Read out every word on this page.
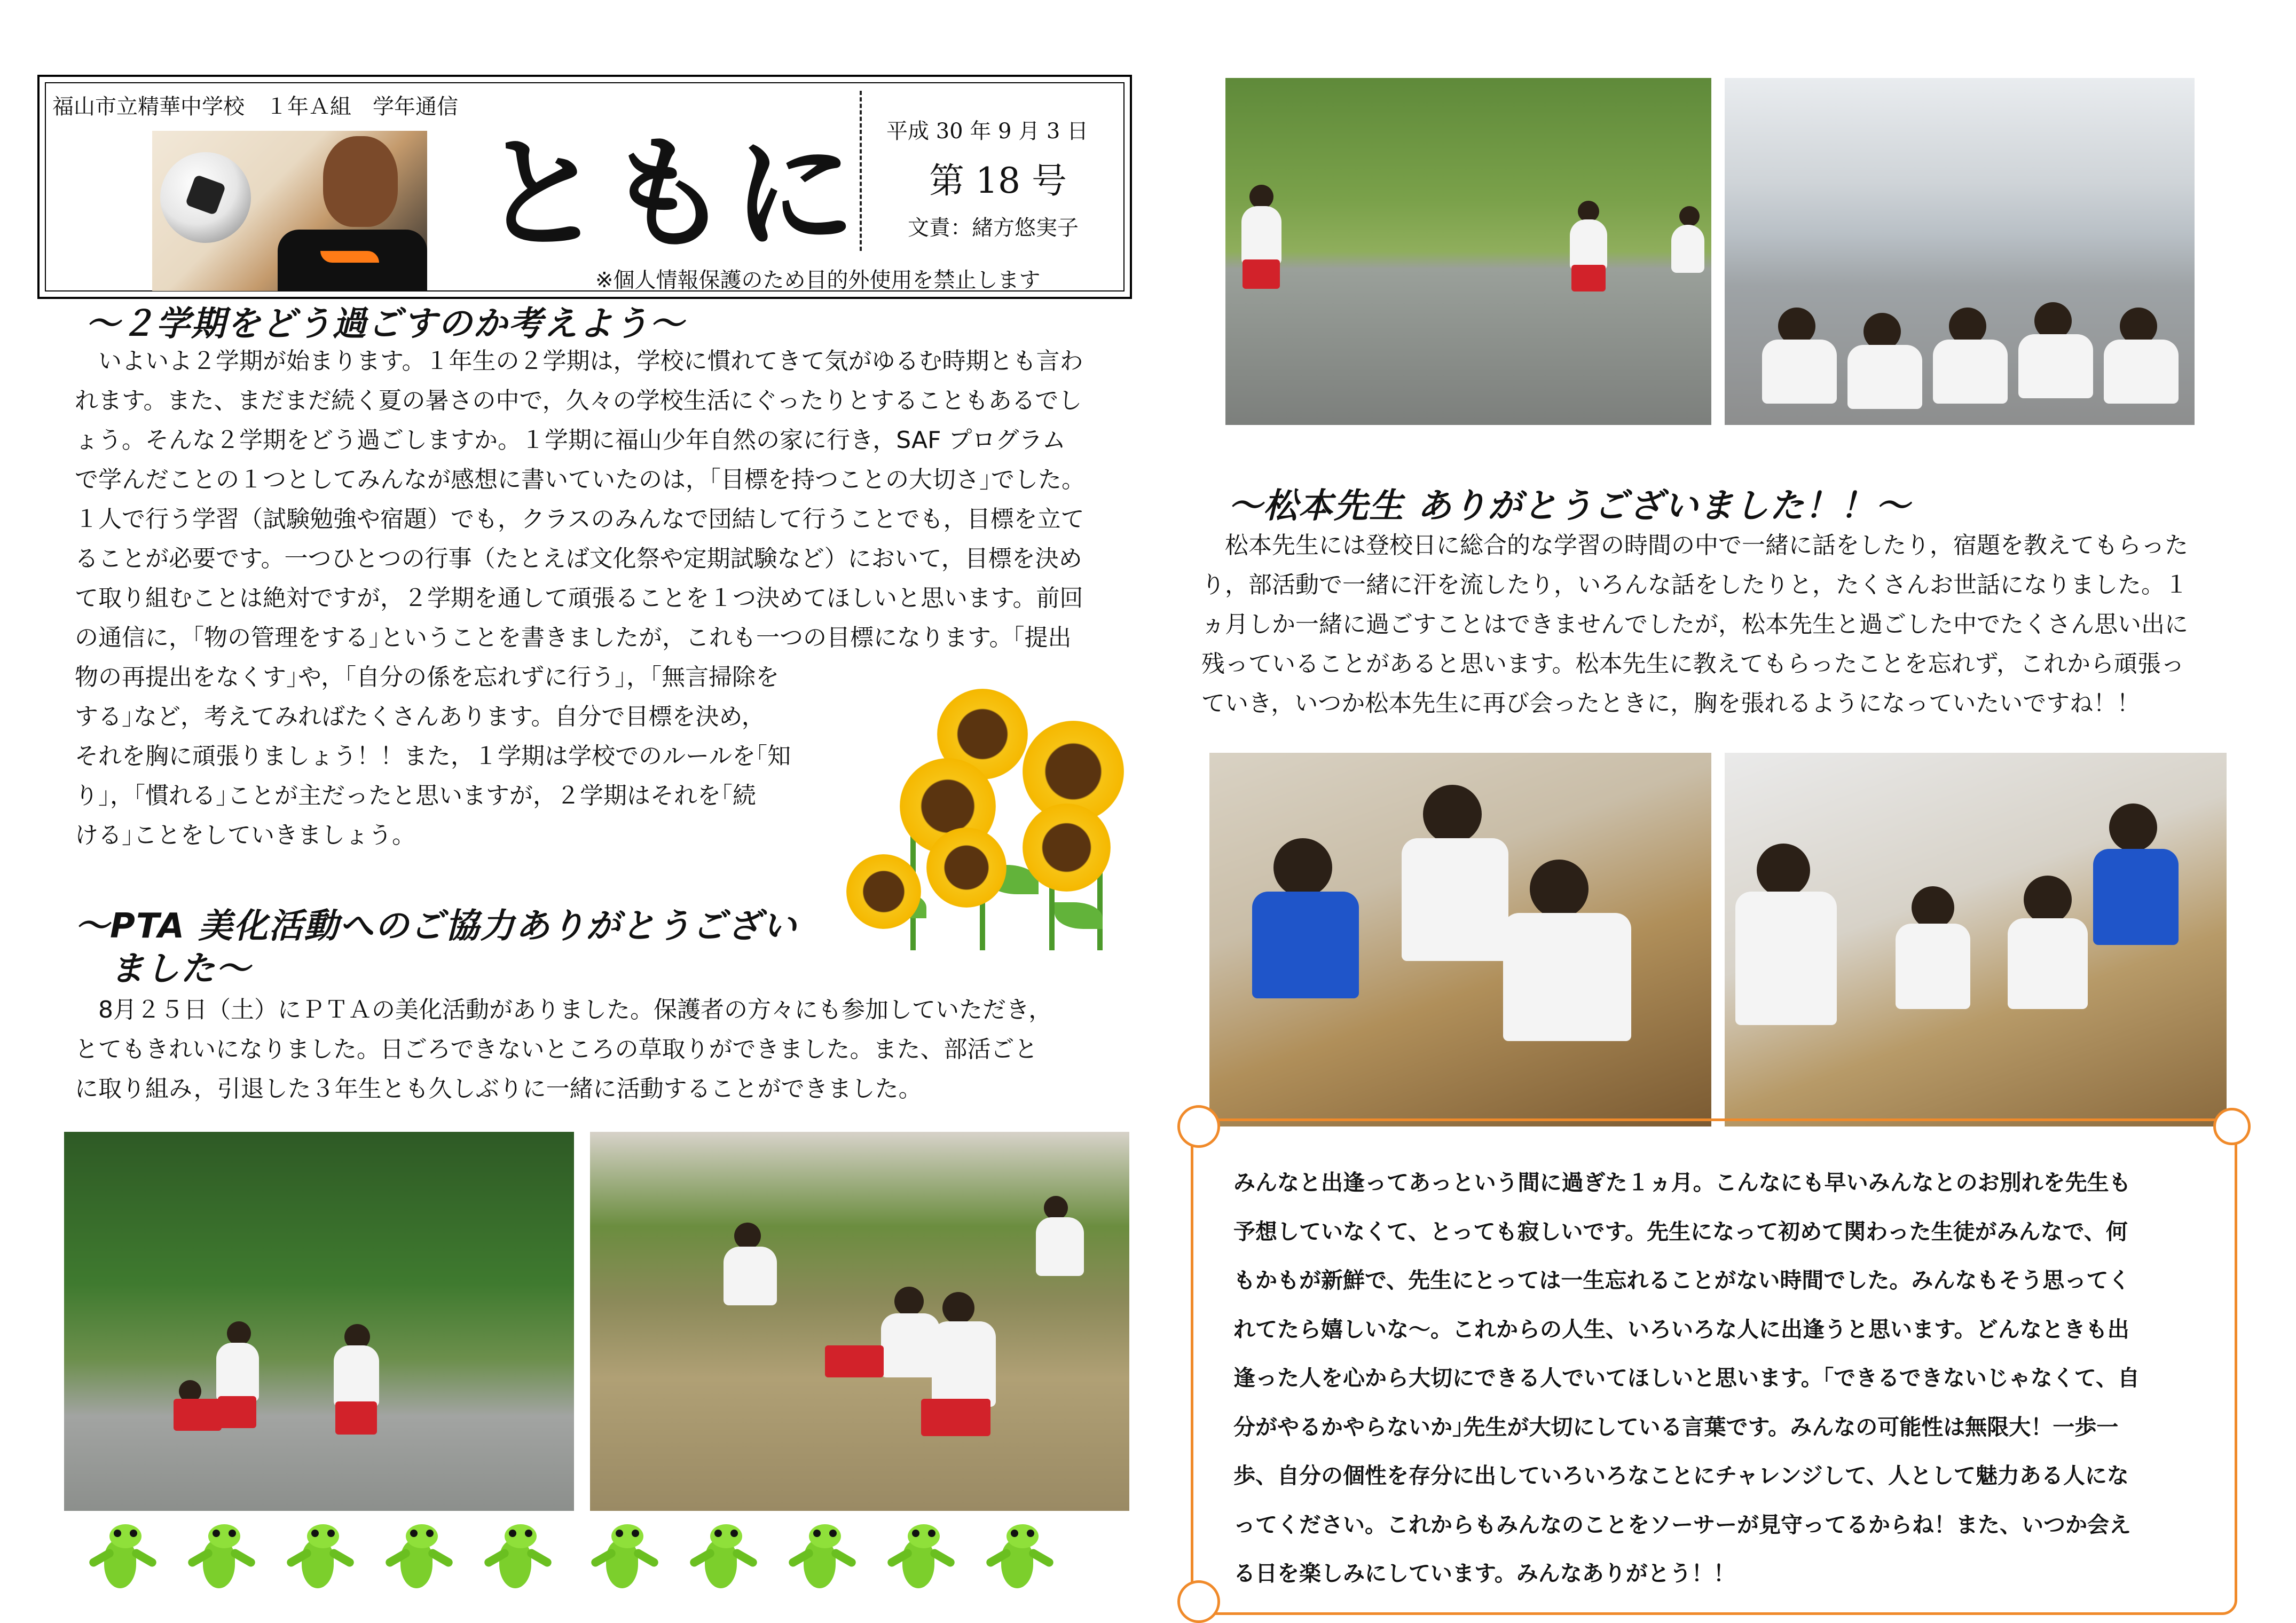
福山市立精華中学校　１年Ａ組　学年通信
ともに 平成 30 年 9 月 3 日
第 18 号
文責：緒方悠実子
※個人情報保護のため目的外使用を禁止します
～２学期をどう過ごすのか考えよう～

　いよいよ２学期が始まります。１年生の２学期は，学校に慣れてきて気がゆるむ時期とも言わ

れます。また、まだまだ続く夏の暑さの中で，久々の学校生活にぐったりとすることもあるでし

ょう。そんな２学期をどう過ごしますか。１学期に福山少年自然の家に行き，SAF プログラム

で学んだことの１つとしてみんなが感想に書いていたのは，｢目標を持つことの大切さ｣でした。

１人で行う学習（試験勉強や宿題）でも，クラスのみんなで団結して行うことでも，目標を立て

ることが必要です。一つひとつの行事（たとえば文化祭や定期試験など）において，目標を決め

て取り組むことは絶対ですが，２学期を通して頑張ることを１つ決めてほしいと思います。前回

の通信に，｢物の管理をする｣ということを書きましたが，これも一つの目標になります。｢提出

物の再提出をなくす｣や，｢自分の係を忘れずに行う｣，｢無言掃除を

する｣など，考えてみればたくさんあります。自分で目標を決め，

それを胸に頑張りましょう！！また，１学期は学校でのルールを｢知

り｣，｢慣れる｣ことが主だったと思いますが，２学期はそれを｢続

ける｣ことをしていきましょう。

～PTA 美化活動へのご協力ありがとうござい
　ました～

　8月２５日（土）にＰＴＡの美化活動がありました。保護者の方々にも参加していただき，

とてもきれいになりました。日ごろできないところの草取りができました。また、部活ごと

に取り組み，引退した３年生とも久しぶりに一緒に活動することができました。

～松本先生 ありがとうございました！！～

　松本先生には登校日に総合的な学習の時間の中で一緒に話をしたり，宿題を教えてもらった

り，部活動で一緒に汗を流したり，いろんな話をしたりと，たくさんお世話になりました。１

ヵ月しか一緒に過ごすことはできませんでしたが，松本先生と過ごした中でたくさん思い出に

残っていることがあると思います。松本先生に教えてもらったことを忘れず，これから頑張っ

ていき，いつか松本先生に再び会ったときに，胸を張れるようになっていたいですね！！

みんなと出逢ってあっという間に過ぎた１ヵ月。こんなにも早いみんなとのお別れを先生も
予想していなくて、とっても寂しいです。先生になって初めて関わった生徒がみんなで、何
もかもが新鮮で、先生にとっては一生忘れることがない時間でした。みんなもそう思ってく
れてたら嬉しいな～。これからの人生、いろいろな人に出逢うと思います。どんなときも出
逢った人を心から大切にできる人でいてほしいと思います。｢できるできないじゃなくて、自
分がやるかやらないか｣先生が大切にしている言葉です。みんなの可能性は無限大！一歩一
歩、自分の個性を存分に出していろいろなことにチャレンジして、人として魅力ある人にな
ってください。これからもみんなのことをソーサーが見守ってるからね！また、いつか会え
る日を楽しみにしています。みんなありがとう！！
